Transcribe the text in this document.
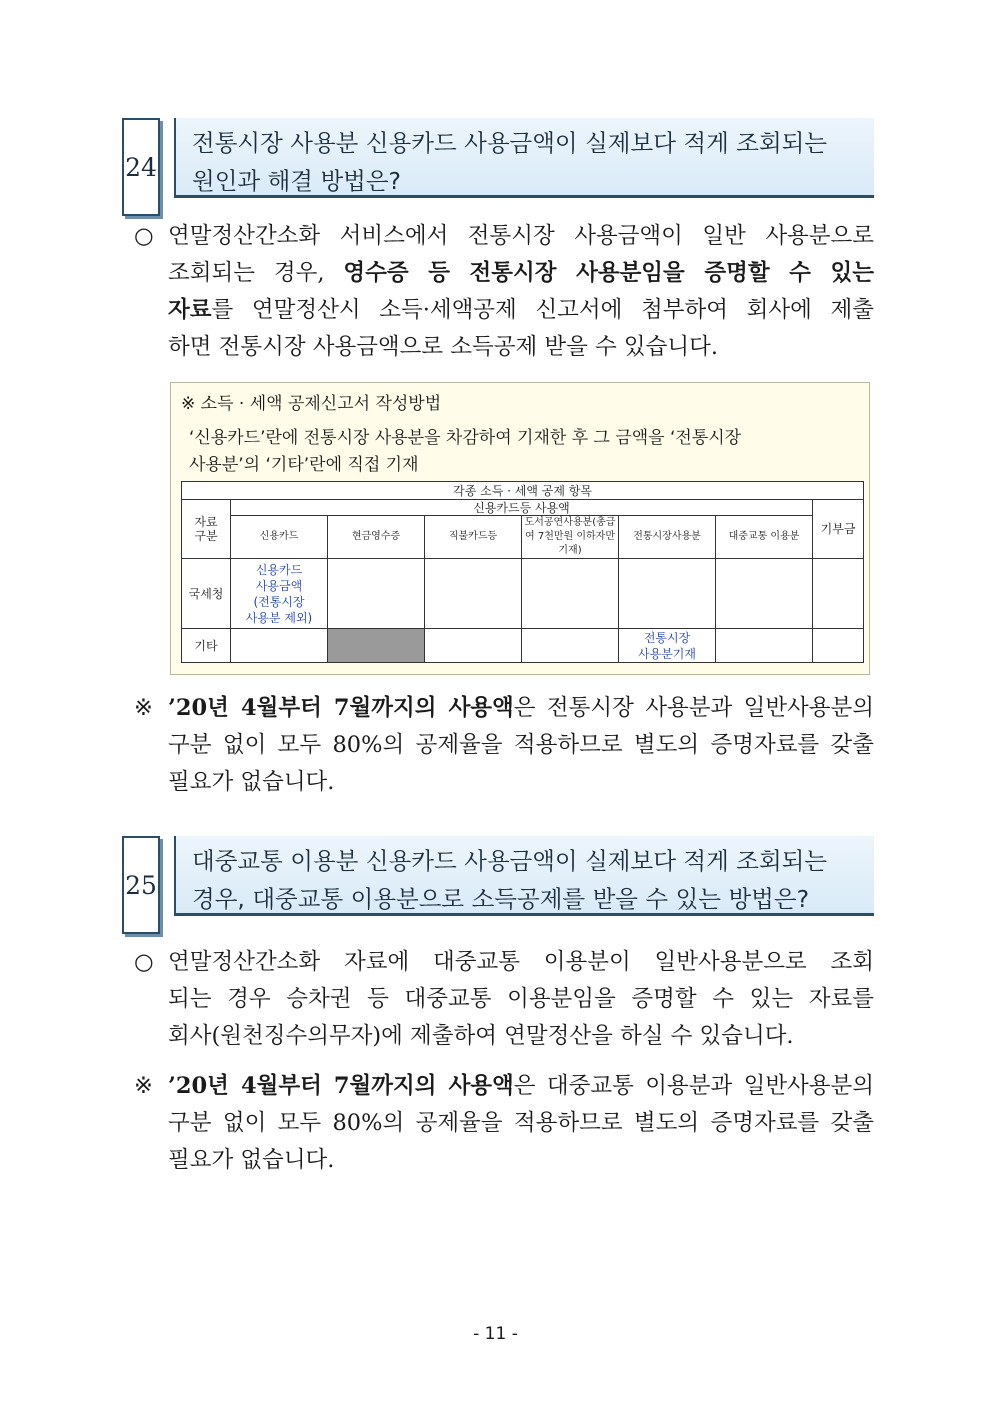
24
전통시장 사용분 신용카드 사용금액이 실제보다 적게 조회되는
원인과 해결 방법은?
○ 연말정산간소화 서비스에서 전통시장 사용금액이 일반 사용분으로
조회되는 경우, 영수증 등 전통시장 사용분임을 증명할 수 있는
자료를 연말정산시 소득·세액공제 신고서에 첨부하여 회사에 제출
하면 전통시장 사용금액으로 소득공제 받을 수 있습니다.
※ 소득 · 세액 공제신고서 작성방법
‘신용카드’란에 전통시장 사용분을 차감하여 기재한 후 그 금액을 ‘전통시장
사용분’의 ‘기타’란에 직접 기재
각종 소득 · 세액 공제 항목							
자료
구분	신용카드등 사용액						기부금
	신용카드	현금영수증	직불카드등	도서공연사용분(총급여 7천만원 이하자만 기재)	전통시장사용분	대중교통 이용분	
국세청	신용카드
사용금액
(전통시장
사용분 제외)						
기타					전통시장
사용분기재		
※ ’20년 4월부터 7월까지의 사용액은 전통시장 사용분과 일반사용분의
구분 없이 모두 80%의 공제율을 적용하므로 별도의 증명자료를 갖출
필요가 없습니다.
25
대중교통 이용분 신용카드 사용금액이 실제보다 적게 조회되는
경우, 대중교통 이용분으로 소득공제를 받을 수 있는 방법은?
○ 연말정산간소화 자료에 대중교통 이용분이 일반사용분으로 조회
되는 경우 승차권 등 대중교통 이용분임을 증명할 수 있는 자료를
회사(원천징수의무자)에 제출하여 연말정산을 하실 수 있습니다.
※ ’20년 4월부터 7월까지의 사용액은 대중교통 이용분과 일반사용분의
구분 없이 모두 80%의 공제율을 적용하므로 별도의 증명자료를 갖출
필요가 없습니다.
- 11 -
